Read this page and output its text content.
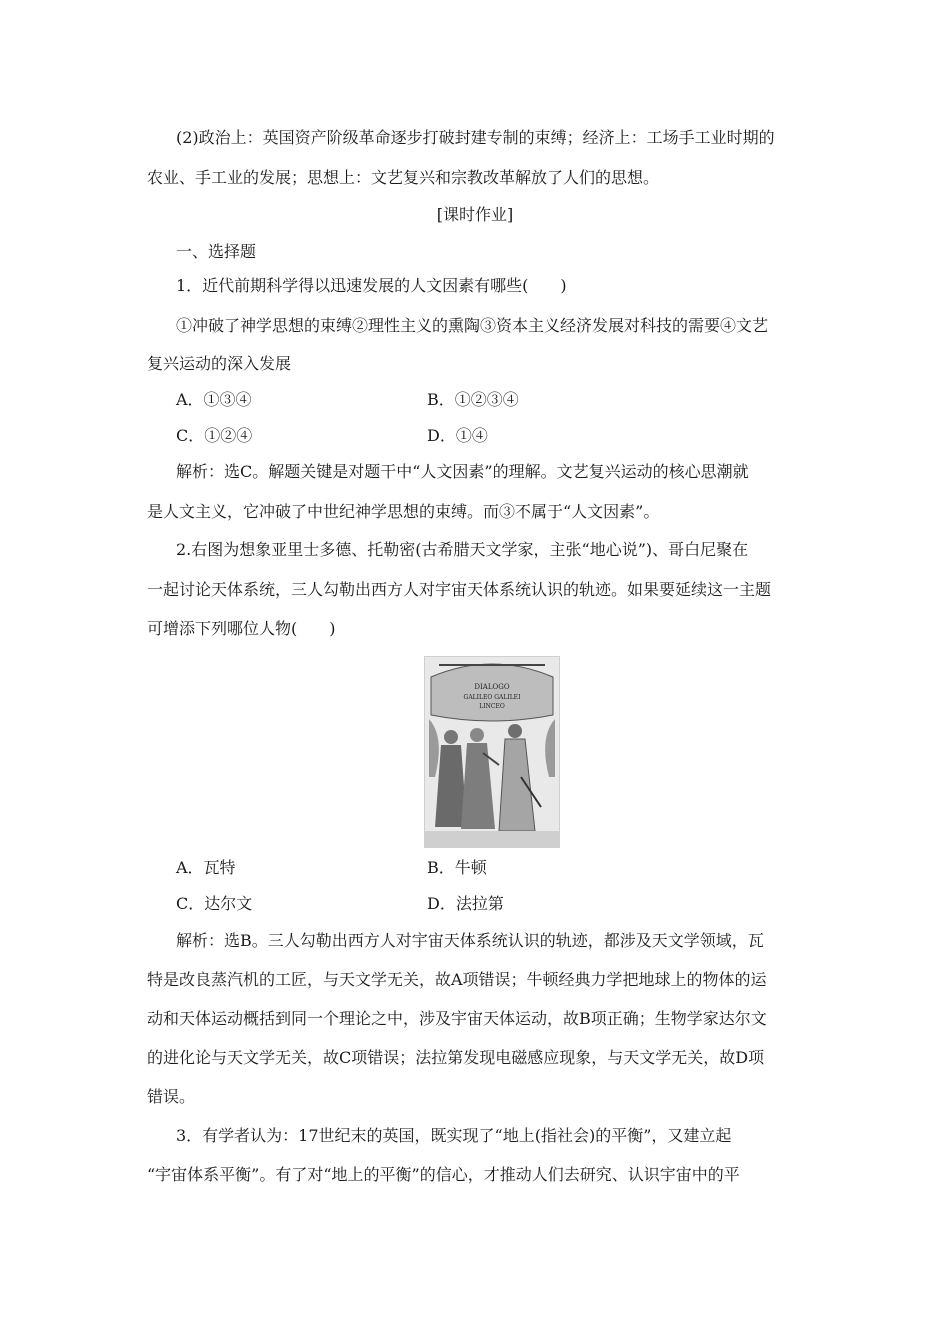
(2)政治上：英国资产阶级革命逐步打破封建专制的束缚；经济上：工场手工业时期的
农业、手工业的发展；思想上：文艺复兴和宗教改革解放了人们的思想。
[课时作业]
一、选择题
1．近代前期科学得以迅速发展的人文因素有哪些(　　)
①冲破了神学思想的束缚②理性主义的熏陶③资本主义经济发展对科技的需要④文艺
复兴运动的深入发展
A．①③④	B．①②③④
C．①②④	D．①④
解析：选C。解题关键是对题干中“人文因素”的理解。文艺复兴运动的核心思潮就
是人文主义，它冲破了中世纪神学思想的束缚。而③不属于“人文因素”。
2.右图为想象亚里士多德、托勒密(古希腊天文学家，主张“地心说”)、哥白尼聚在
一起讨论天体系统，三人勾勒出西方人对宇宙天体系统认识的轨迹。如果要延续这一主题
可增添下列哪位人物(　　)
DIALOGO
GALILEO GALILEI
LINCEO
A．瓦特	B．牛顿
C．达尔文	D．法拉第
解析：选B。三人勾勒出西方人对宇宙天体系统认识的轨迹，都涉及天文学领域，瓦
特是改良蒸汽机的工匠，与天文学无关，故A项错误；牛顿经典力学把地球上的物体的运
动和天体运动概括到同一个理论之中，涉及宇宙天体运动，故B项正确；生物学家达尔文
的进化论与天文学无关，故C项错误；法拉第发现电磁感应现象，与天文学无关，故D项
错误。
3．有学者认为：17世纪末的英国，既实现了“地上(指社会)的平衡”，又建立起
“宇宙体系平衡”。有了对“地上的平衡”的信心，才推动人们去研究、认识宇宙中的平
